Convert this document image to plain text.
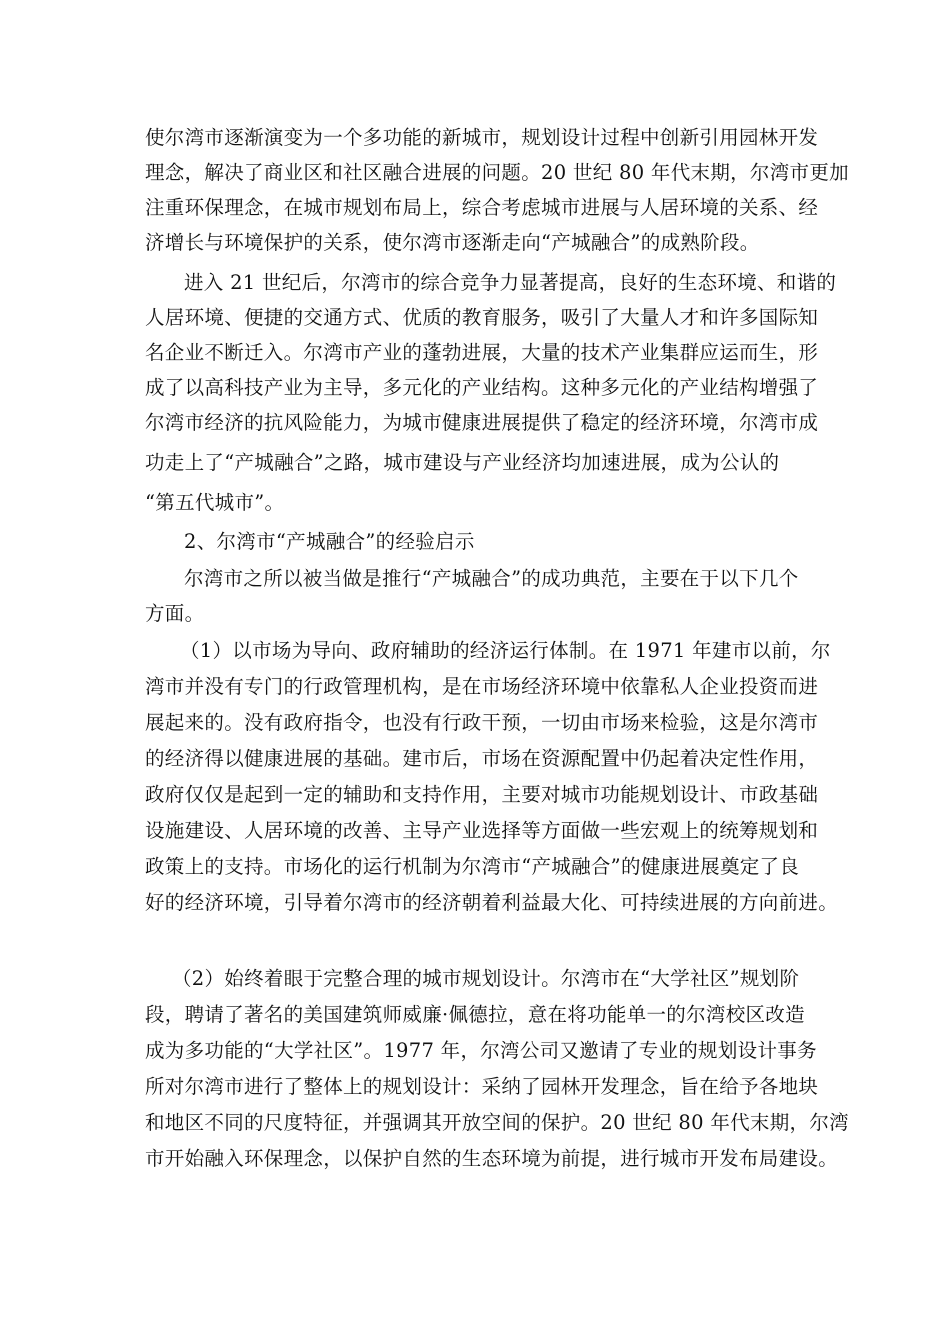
使尔湾市逐渐演变为一个多功能的新城市，规划设计过程中创新引用园林开发
理念，解决了商业区和社区融合进展的问题。20 世纪 80 年代末期，尔湾市更加
注重环保理念，在城市规划布局上，综合考虑城市进展与人居环境的关系、经
济增长与环境保护的关系，使尔湾市逐渐走向“产城融合”的成熟阶段。
进入 21 世纪后，尔湾市的综合竞争力显著提高，良好的生态环境、和谐的
人居环境、便捷的交通方式、优质的教育服务，吸引了大量人才和许多国际知
名企业不断迁入。尔湾市产业的蓬勃进展，大量的技术产业集群应运而生，形
成了以高科技产业为主导，多元化的产业结构。这种多元化的产业结构增强了
尔湾市经济的抗风险能力，为城市健康进展提供了稳定的经济环境，尔湾市成
功走上了“产城融合”之路，城市建设与产业经济均加速进展，成为公认的
“第五代城市”。
2、尔湾市“产城融合”的经验启示
尔湾市之所以被当做是推行“产城融合”的成功典范，主要在于以下几个
方面。
（1）以市场为导向、政府辅助的经济运行体制。在 1971 年建市以前，尔
湾市并没有专门的行政管理机构，是在市场经济环境中依靠私人企业投资而进
展起来的。没有政府指令，也没有行政干预，一切由市场来检验，这是尔湾市
的经济得以健康进展的基础。建市后，市场在资源配置中仍起着决定性作用，
政府仅仅是起到一定的辅助和支持作用，主要对城市功能规划设计、市政基础
设施建设、人居环境的改善、主导产业选择等方面做一些宏观上的统筹规划和
政策上的支持。市场化的运行机制为尔湾市“产城融合”的健康进展奠定了良
好的经济环境，引导着尔湾市的经济朝着利益最大化、可持续进展的方向前进。
（2）始终着眼于完整合理的城市规划设计。尔湾市在“大学社区”规划阶
段，聘请了著名的美国建筑师威廉·佩德拉，意在将功能单一的尔湾校区改造
成为多功能的“大学社区”。1977 年，尔湾公司又邀请了专业的规划设计事务
所对尔湾市进行了整体上的规划设计：采纳了园林开发理念，旨在给予各地块
和地区不同的尺度特征，并强调其开放空间的保护。20 世纪 80 年代末期，尔湾
市开始融入环保理念，以保护自然的生态环境为前提，进行城市开发布局建设。
